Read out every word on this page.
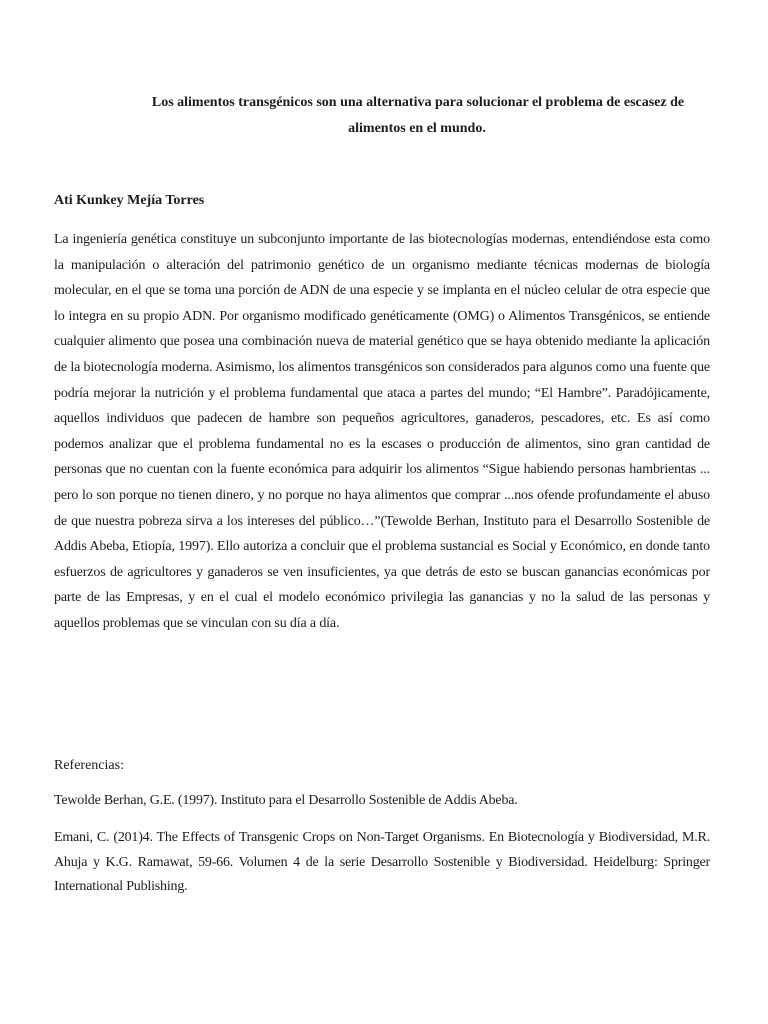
Los alimentos transgénicos son una alternativa para solucionar el problema de escasez de
alimentos en el mundo.
Ati Kunkey Mejía Torres

La ingeniería genética constituye un subconjunto importante de las biotecnologías modernas, entendiéndose esta como la manipulación o alteración del patrimonio genético de un organismo mediante técnicas modernas de biología molecular, en el que se toma una porción de ADN de una especie y se implanta en el núcleo celular de otra especie que lo integra en su propio ADN. Por organismo modificado genéticamente (OMG) o Alimentos Transgénicos, se entiende cualquier alimento que posea una combinación nueva de material genético que se haya obtenido mediante la aplicación de la biotecnología moderna. Asimismo, los alimentos transgénicos son considerados para algunos como una fuente que podría mejorar la nutrición y el problema fundamental que ataca a partes del mundo; “El Hambre”. Paradójicamente, aquellos individuos que padecen de hambre son pequeños agricultores, ganaderos, pescadores, etc. Es así como podemos analizar que el problema fundamental no es la escases o producción de alimentos, sino gran cantidad de personas que no cuentan con la fuente económica para adquirir los alimentos “Sigue habiendo personas hambrientas ... pero lo son porque no tienen dinero, y no porque no haya alimentos que comprar ...nos ofende profundamente el abuso de que nuestra pobreza sirva a los intereses del público…”(Tewolde Berhan, Instituto para el Desarrollo Sostenible de Addis Abeba, Etiopía, 1997). Ello autoriza a concluir que el problema sustancial es Social y Económico, en donde tanto esfuerzos de agricultores y ganaderos se ven insuficientes, ya que detrás de esto se buscan ganancias económicas por parte de las Empresas, y en el cual el modelo económico privilegia las ganancias y no la salud de las personas y aquellos problemas que se vinculan con su día a día.

Referencias:
Tewolde Berhan, G.E. (1997). Instituto para el Desarrollo Sostenible de Addis Abeba.
Emani, C. (201)4. The Effects of Transgenic Crops on Non-Target Organisms. En Biotecnología y Biodiversidad, M.R. Ahuja y K.G. Ramawat, 59-66. Volumen 4 de la serie Desarrollo Sostenible y Biodiversidad. Heidelburg: Springer International Publishing.
